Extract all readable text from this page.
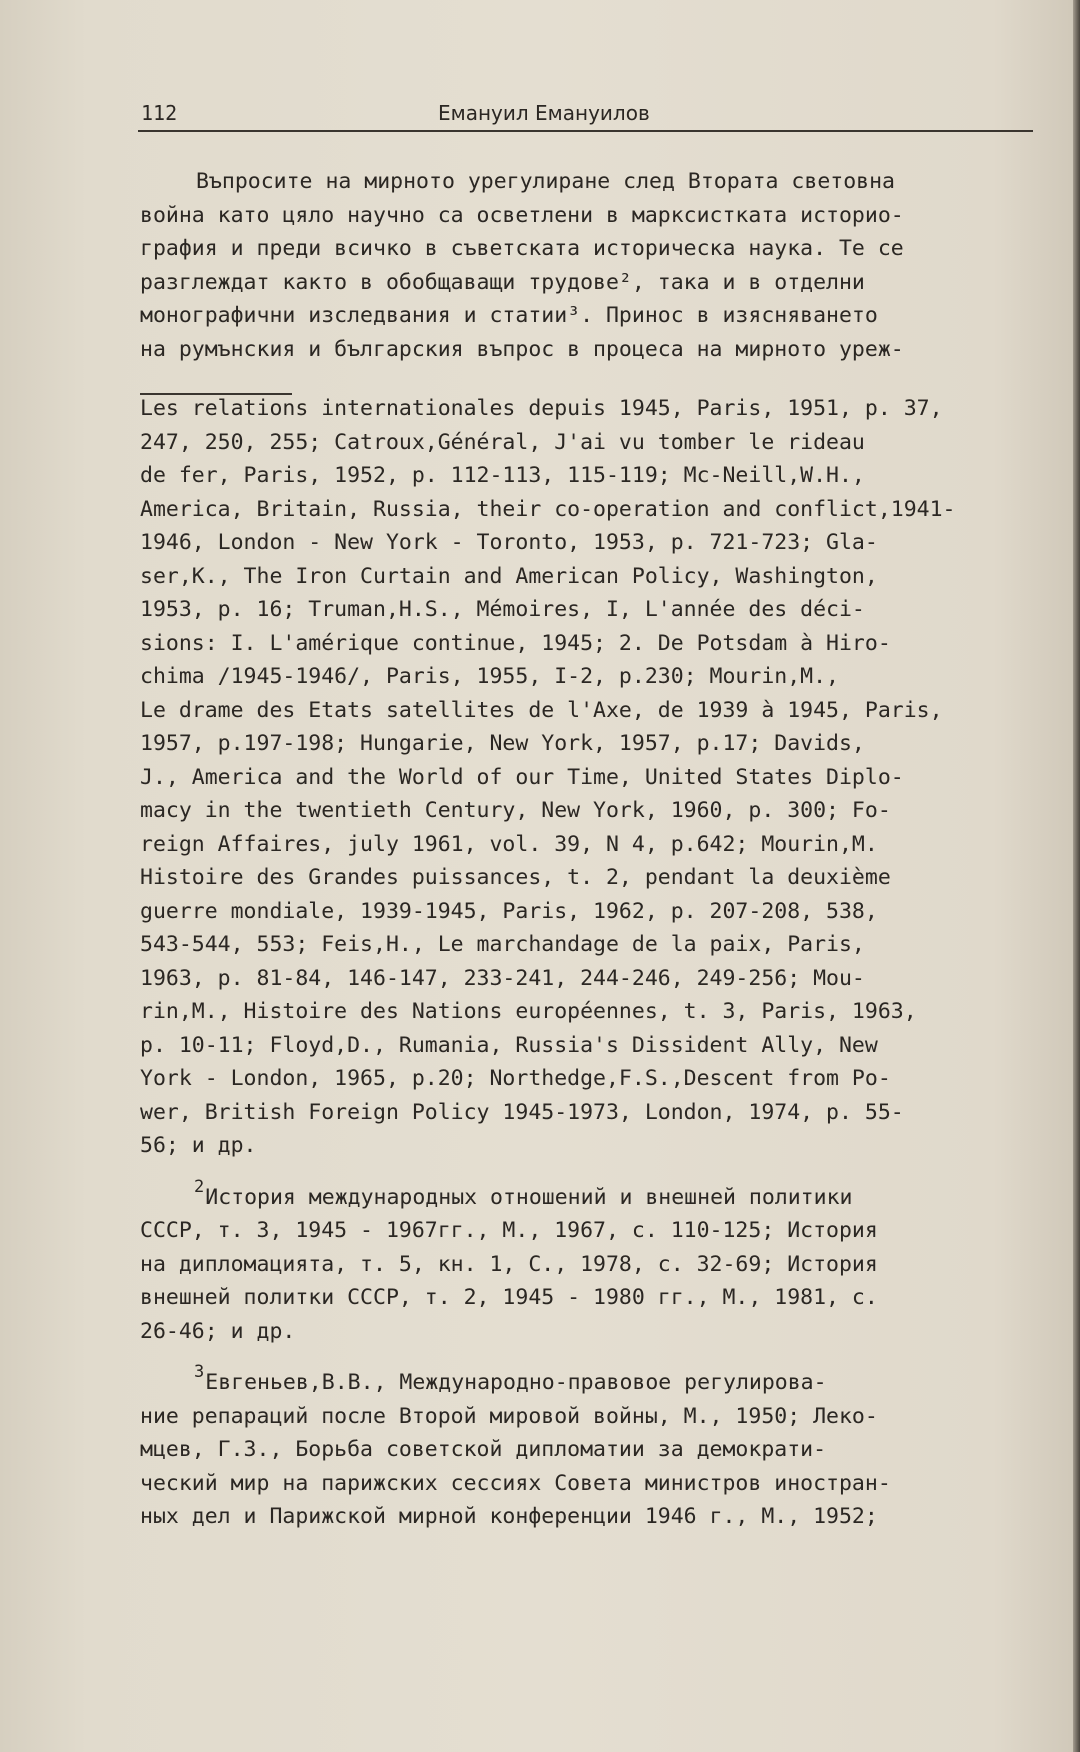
112	Емануил Емануилов
Въпросите на мирното урегулиране след Втората световна
война като цяло научно са осветлени в марксистката историо-
графия и преди всичко в съветската историческа наука. Те се
разглеждат както в обобщаващи трудове², така и в отделни
монографични изследвания и статии³. Принос в изясняването
на румънския и българския въпрос в процеса на мирното уреж-
Les relations internationales depuis 1945, Paris, 1951, p. 37,
247, 250, 255; Catroux,Général, J'ai vu tomber le rideau
de fer, Paris, 1952, p. 112-113, 115-119; Mc-Neill,W.H.,
America, Britain, Russia, their co-operation and conflict,1941-
1946, London - New York - Toronto, 1953, p. 721-723; Gla-
ser,K., The Iron Curtain and American Policy, Washington,
1953, p. 16; Truman,H.S., Mémoires, I, L'année des déci-
sions: I. L'amérique continue, 1945; 2. De Potsdam à Hiro-
chima /1945-1946/, Paris, 1955, I-2, p.230; Mourin,M.,
Le drame des Etats satellites de l'Axe, de 1939 à 1945, Paris,
1957, p.197-198; Hungarie, New York, 1957, p.17; Davids,
J., America and the World of our Time, United States Diplo-
macy in the twentieth Century, New York, 1960, p. 300; Fo-
reign Affaires, july 1961, vol. 39, N 4, p.642; Mourin,M.
Histoire des Grandes puissances, t. 2, pendant la deuxième
guerre mondiale, 1939-1945, Paris, 1962, p. 207-208, 538,
543-544, 553; Feis,H., Le marchandage de la paix, Paris,
1963, p. 81-84, 146-147, 233-241, 244-246, 249-256; Mou-
rin,M., Histoire des Nations européennes, t. 3, Paris, 1963,
p. 10-11; Floyd,D., Rumania, Russia's Dissident Ally, New
York - London, 1965, p.20; Northedge,F.S.,Descent from Po-
wer, British Foreign Policy 1945-1973, London, 1974, p. 55-
56; и др.
$^2$История международных отношений и внешней политики
СССР, т. 3, 1945 - 1967гг., М., 1967, с. 110-125; История
на дипломацията, т. 5, кн. 1, С., 1978, с. 32-69; История
внешней политки СССР, т. 2, 1945 - 1980 гг., М., 1981, с.
26-46; и др.
$^3$Евгеньев,В.В., Международно-правовое регулирова-
ние репараций после Второй мировой войны, М., 1950; Леко-
мцев, Г.З., Борьба советской дипломатии за демократи-
ческий мир на парижских сессиях Совета министров иностран-
ных дел и Парижской мирной конференции 1946 г., М., 1952;
